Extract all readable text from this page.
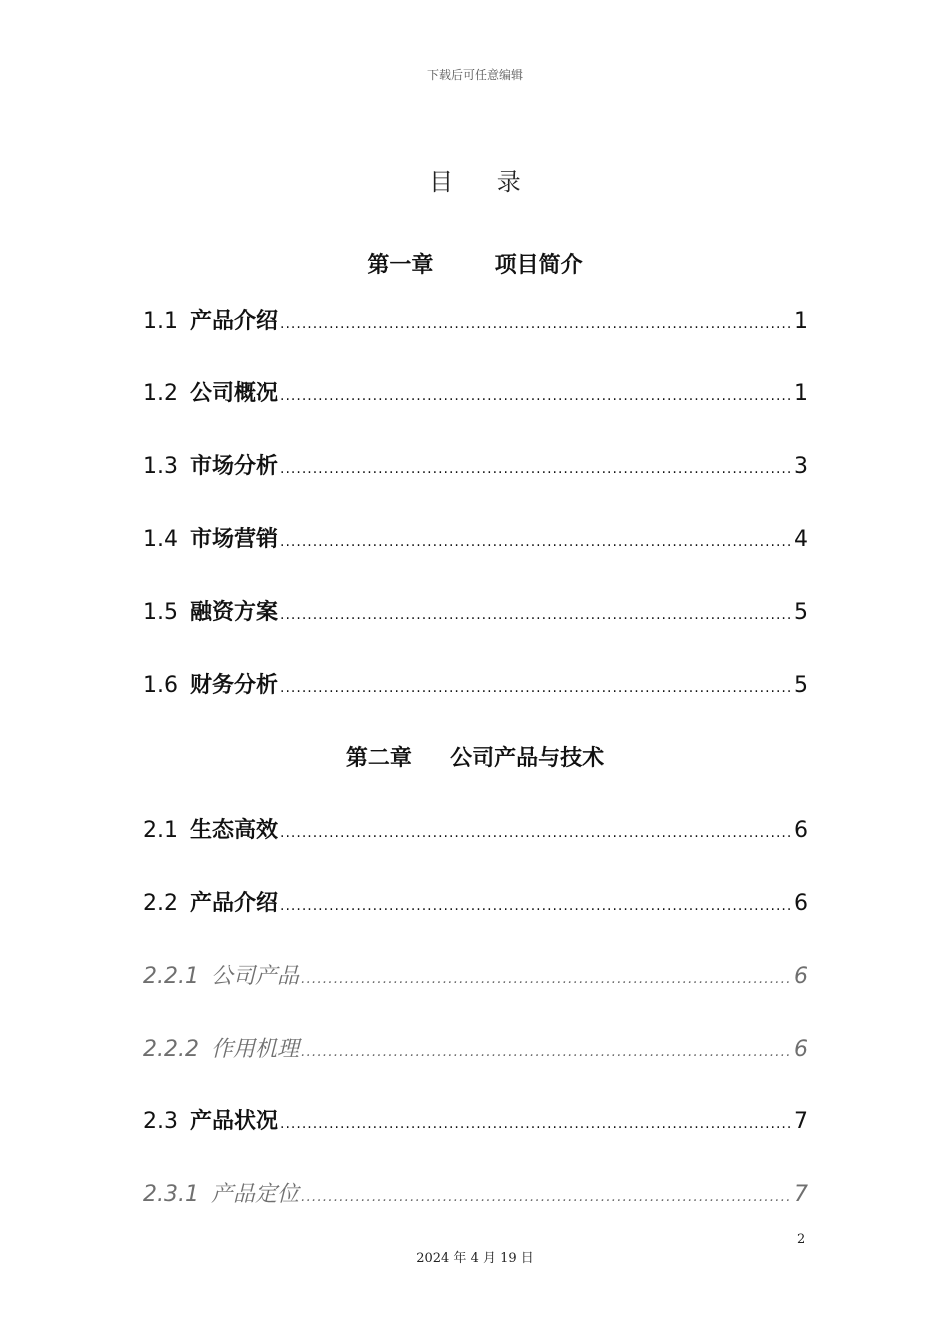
下载后可任意编辑
目 录
第一章        项目简介
1.1 产品介绍 .....	1
1.2 公司概况 .....	1
1.3 市场分析 .....	3
1.4 市场营销 .....	4
1.5 融资方案 .....	5
1.6 财务分析 .....	5
第二章     公司产品与技术
2.1 生态高效 .....	6
2.2 产品介绍 .....	6
2.2.1 公司产品 .....	6
2.2.2 作用机理 .....	6
2.3 产品状况 .....	7
2.3.1 产品定位 .....	7
2
2024 年 4 月 19 日
